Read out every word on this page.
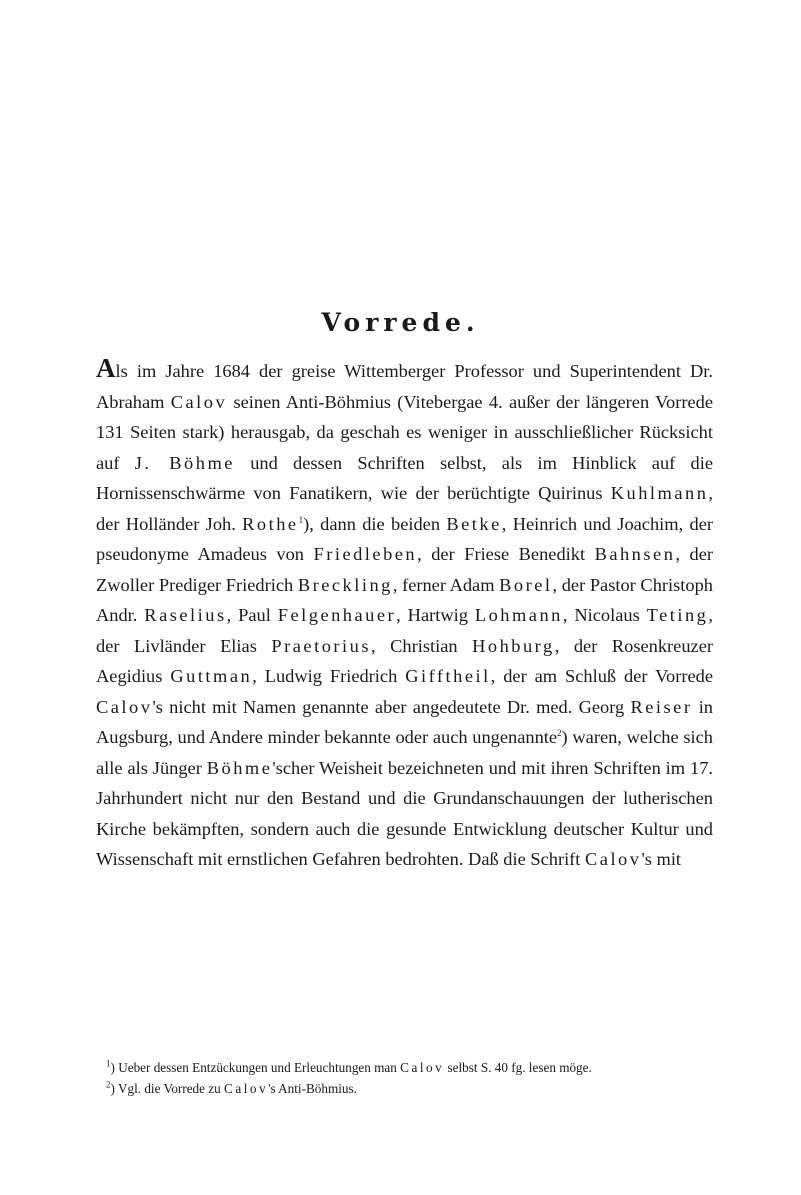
Vorrede.

Als im Jahre 1684 der greise Wittemberger Professor und Superintendent Dr. Abraham Calov seinen Anti-Böhmius (Vitebergae 4. außer der längeren Vorrede 131 Seiten stark) herausgab, da geschah es weniger in ausschließlicher Rücksicht auf J. Böhme und dessen Schriften selbst, als im Hinblick auf die Hornissenschwärme von Fanatikern, wie der berüchtigte Quirinus Kuhlmann, der Holländer Joh. Rothe$^1$), dann die beiden Betke, Heinrich und Joachim, der pseudonyme Amadeus von Friedleben, der Friese Benedikt Bahnsen, der Zwoller Prediger Friedrich Breckling, ferner Adam Borel, der Pastor Christoph Andr. Raselius, Paul Felgenhauer, Hartwig Lohmann, Nicolaus Teting, der Livländer Elias Praetorius, Christian Hohburg, der Rosenkreuzer Aegidius Guttman, Ludwig Friedrich Gifftheil, der am Schluß der Vorrede Calov's nicht mit Namen genannte aber angedeutete Dr. med. Georg Reiser in Augsburg, und Andere minder bekannte oder auch ungenannte$^2$) waren, welche sich alle als Jünger Böhme'scher Weisheit bezeichneten und mit ihren Schriften im 17. Jahrhundert nicht nur den Bestand und die Grundanschauungen der lutherischen Kirche bekämpften, sondern auch die gesunde Entwicklung deutscher Kultur und Wissenschaft mit ernstlichen Gefahren bedrohten. Daß die Schrift Calov's mit

$^1$) Ueber dessen Entzückungen und Erleuchtungen man Calov selbst S. 40 fg. lesen möge.

$^2$) Vgl. die Vorrede zu Calov's Anti-Böhmius.
